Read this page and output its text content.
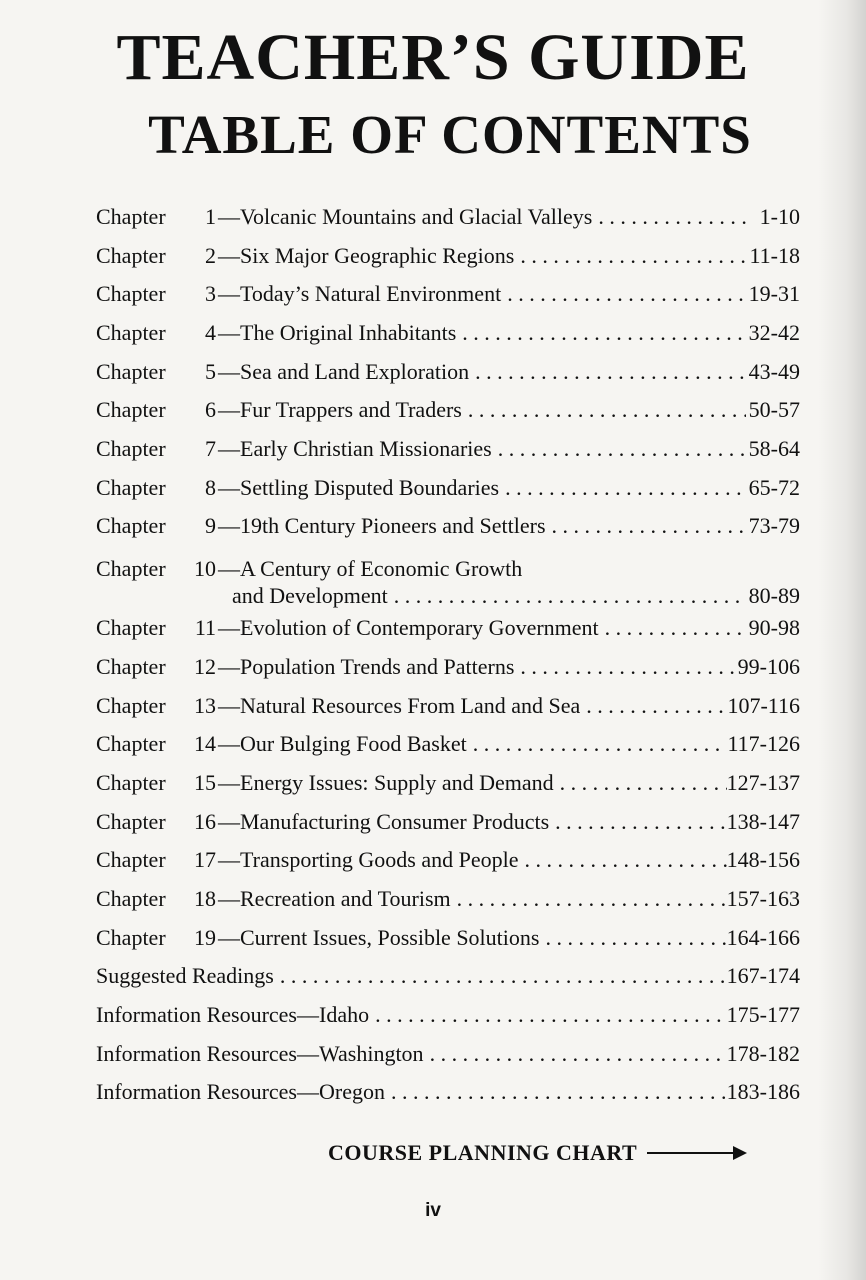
TEACHER’S GUIDE
TABLE OF CONTENTS
Chapter	1 —Volcanic Mountains and Glacial Valleys . . .	1-10
Chapter	2 —Six Major Geographic Regions . . .	11-18
Chapter	3 —Today’s Natural Environment . . .	19-31
Chapter	4 —The Original Inhabitants . . .	32-42
Chapter	5 —Sea and Land Exploration . . .	43-49
Chapter	6 —Fur Trappers and Traders . . .	50-57
Chapter	7 —Early Christian Missionaries . . .	58-64
Chapter	8 —Settling Disputed Boundaries . . .	65-72
Chapter	9 —19th Century Pioneers and Settlers . . .	73-79
Chapter	10 —A Century of Economic Growth
and Development . . .	80-89
Chapter	11 —Evolution of Contemporary Government . . .	90-98
Chapter	12 —Population Trends and Patterns . . .	99-106
Chapter	13 —Natural Resources From Land and Sea . . .	107-116
Chapter	14 —Our Bulging Food Basket . . .	117-126
Chapter	15 —Energy Issues: Supply and Demand . . .	127-137
Chapter	16 —Manufacturing Consumer Products . . .	138-147
Chapter	17 —Transporting Goods and People . . .	148-156
Chapter	18 —Recreation and Tourism . . .	157-163
Chapter	19 —Current Issues, Possible Solutions . . .	164-166
Suggested Readings . . .	167-174
Information Resources—Idaho . . .	175-177
Information Resources—Washington . . .	178-182
Information Resources—Oregon . . .	183-186
COURSE PLANNING CHART
iv
